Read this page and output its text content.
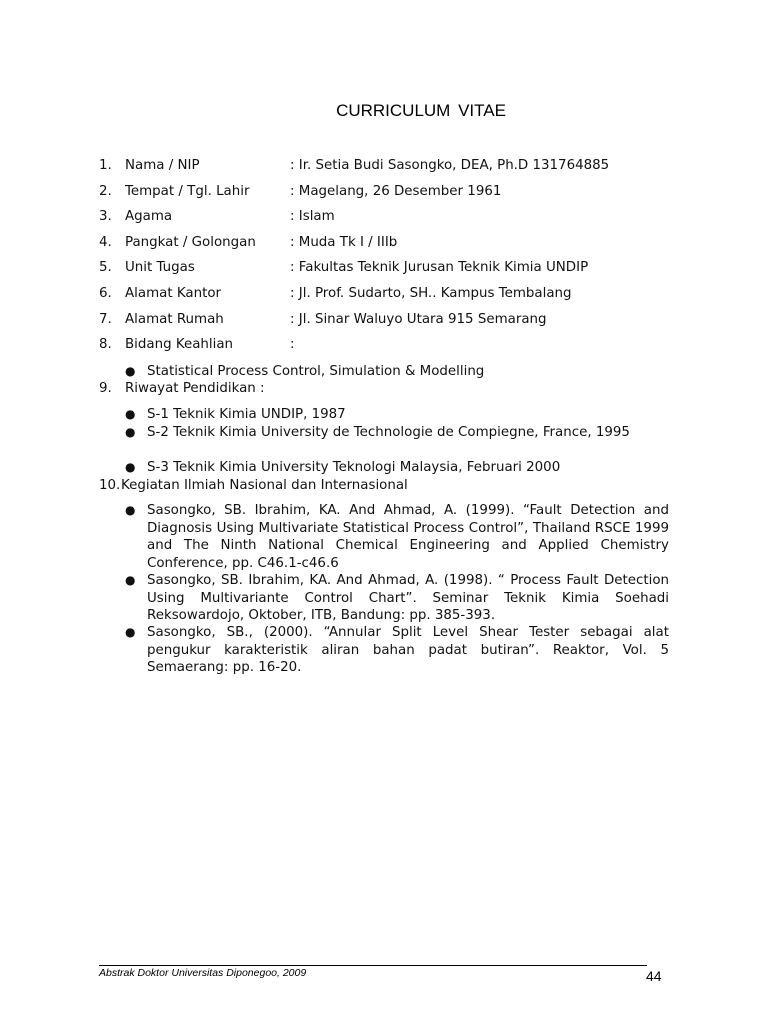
CURRICULUM VITAE
1. Nama / NIP	: Ir. Setia Budi Sasongko, DEA, Ph.D 131764885
2. Tempat / Tgl. Lahir	: Magelang, 26 Desember 1961
3. Agama	: Islam
4. Pangkat / Golongan	: Muda Tk I / IIIb
5. Unit Tugas	: Fakultas Teknik Jurusan Teknik Kimia UNDIP
6. Alamat Kantor	: Jl. Prof. Sudarto, SH.. Kampus Tembalang
7. Alamat Rumah	: Jl. Sinar Waluyo Utara 915 Semarang
8. Bidang Keahlian	:
● Statistical Process Control, Simulation & Modelling
9. Riwayat Pendidikan :
● S-1 Teknik Kimia UNDIP, 1987
● S-2 Teknik Kimia University de Technologie de Compiegne, France, 1995
● S-3 Teknik Kimia University Teknologi Malaysia, Februari 2000
10.Kegiatan Ilmiah Nasional dan Internasional
● Sasongko, SB. Ibrahim, KA. And Ahmad, A. (1999). “Fault Detection and Diagnosis Using Multivariate Statistical Process Control”, Thailand RSCE 1999 and The Ninth National Chemical Engineering and Applied Chemistry Conference, pp. C46.1-c46.6
● Sasongko, SB. Ibrahim, KA. And Ahmad, A. (1998). “ Process Fault Detection Using Multivariante Control Chart”. Seminar Teknik Kimia Soehadi Reksowardojo, Oktober, ITB, Bandung: pp. 385-393.
● Sasongko, SB., (2000). “Annular Split Level Shear Tester sebagai alat pengukur karakteristik aliran bahan padat butiran”. Reaktor, Vol. 5 Semaerang: pp. 16-20.
Abstrak Doktor Universitas Diponegoo, 2009	44
